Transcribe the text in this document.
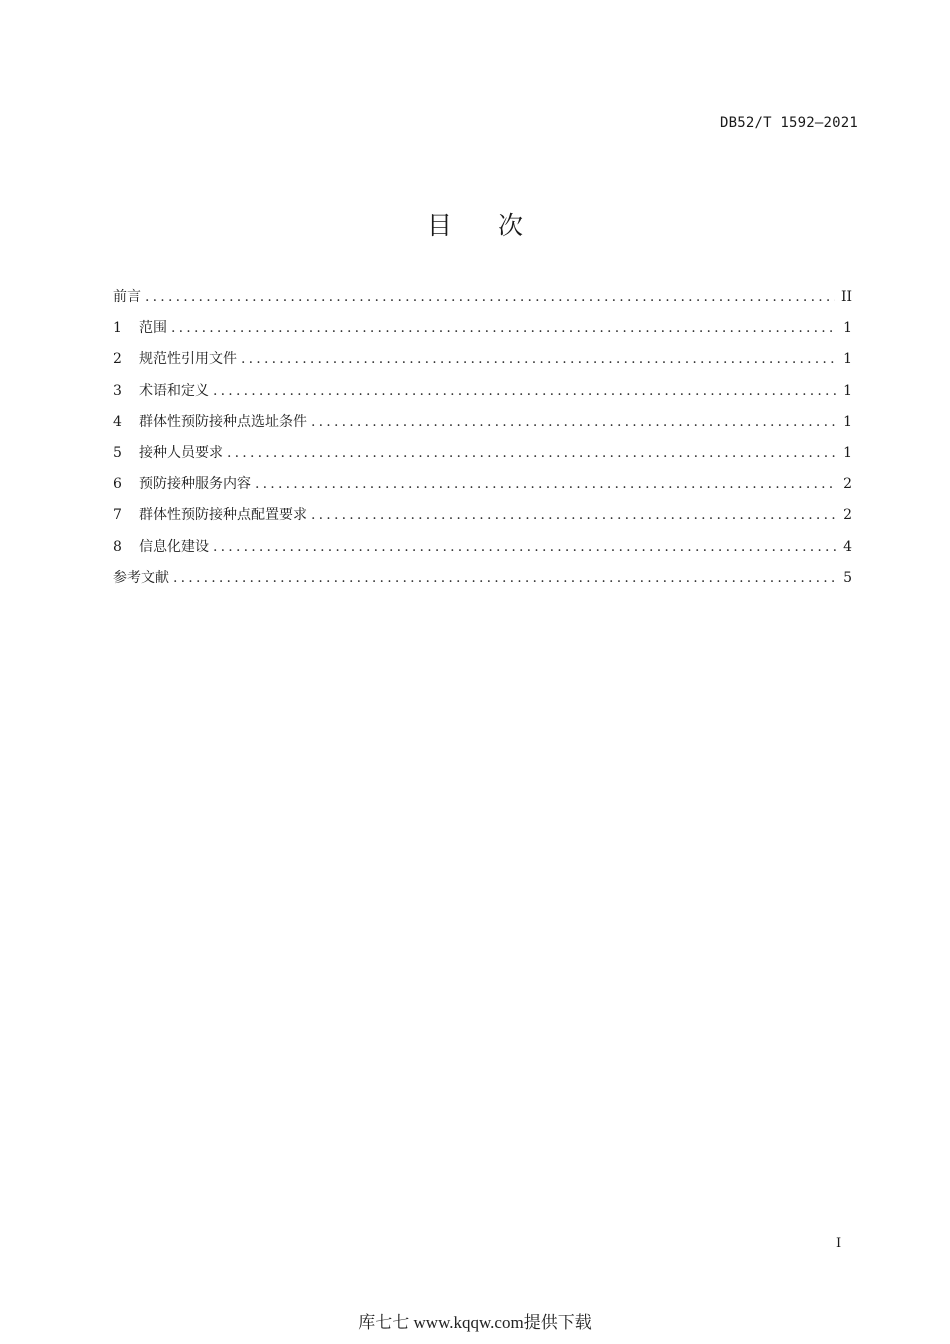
DB52/T 1592—2021
目 次
前言 .....	II
1	范围 .....	1
2	规范性引用文件 .....	1
3	术语和定义 .....	1
4	群体性预防接种点选址条件 .....	1
5	接种人员要求 .....	1
6	预防接种服务内容 .....	2
7	群体性预防接种点配置要求 .....	2
8	信息化建设 .....	4
参考文献 .....	5
I
库七七 www.kqqw.com提供下载
